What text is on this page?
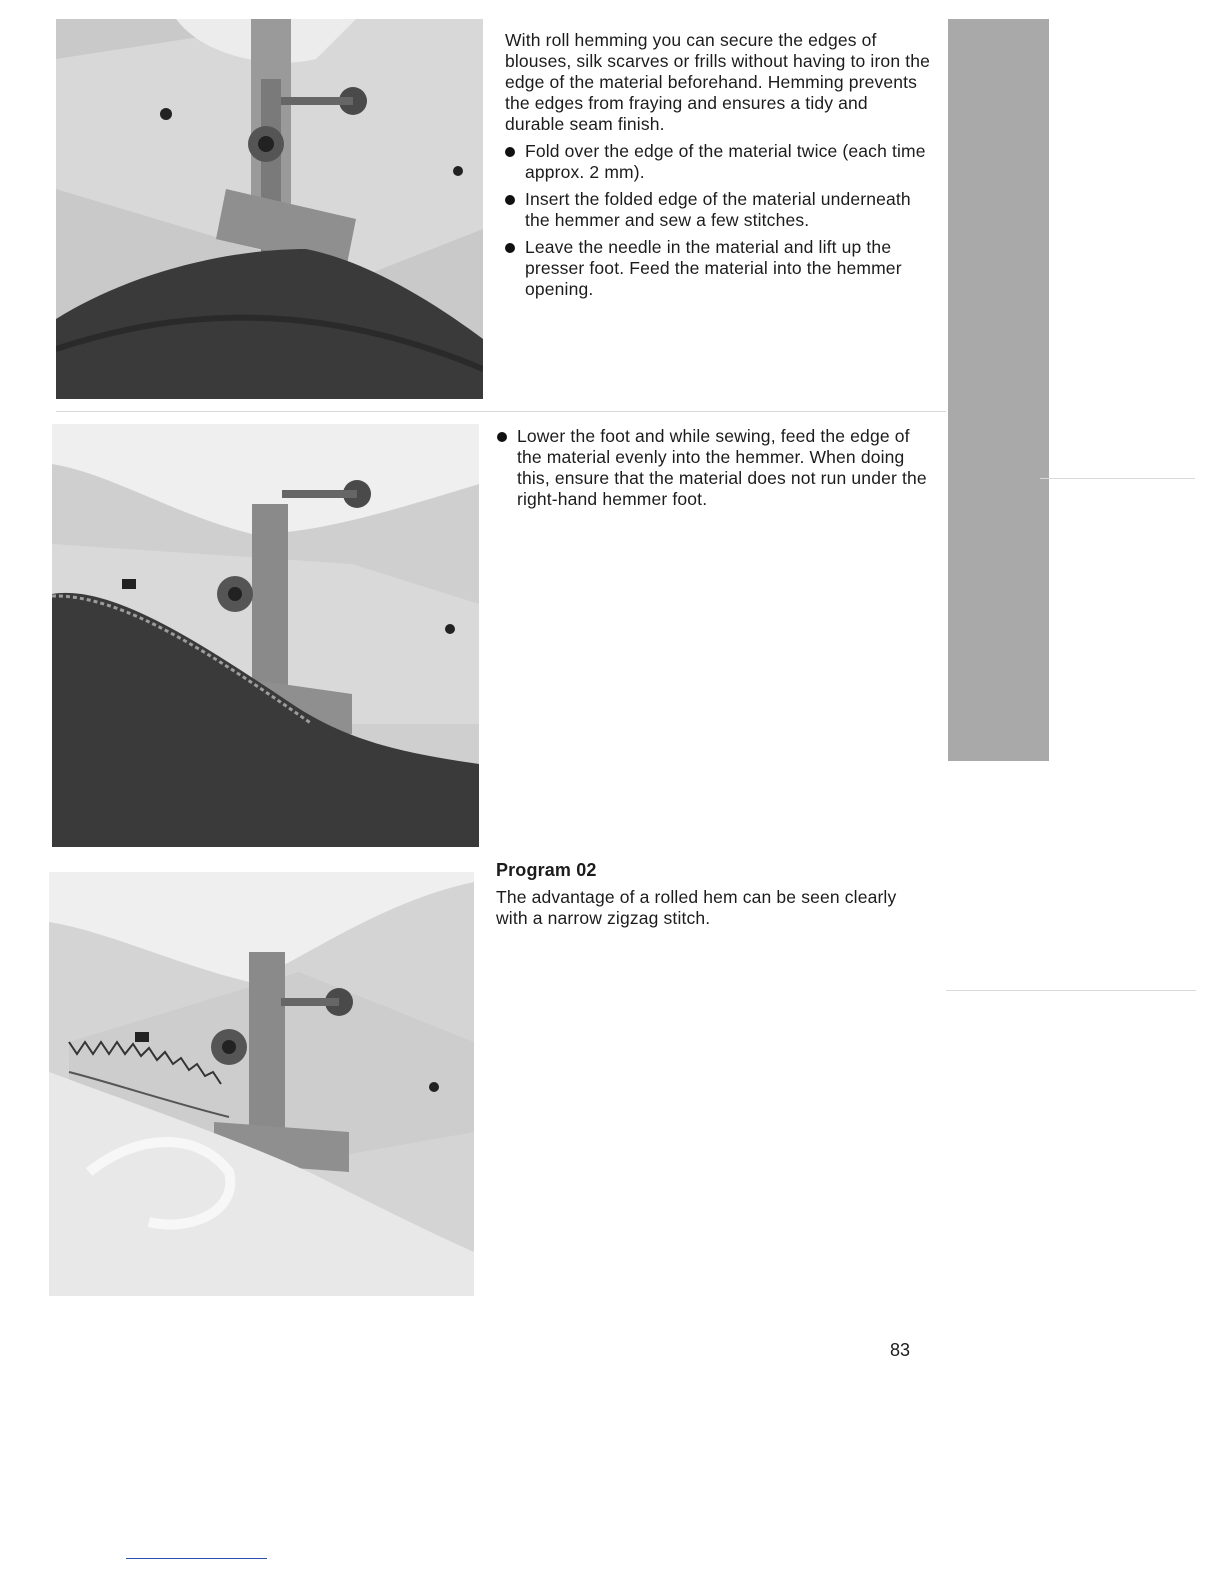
With roll hemming you can secure the edges of blouses, silk scarves or frills without having to iron the edge of the material beforehand. Hemming prevents the edges from fraying and ensures a tidy and durable seam finish.

Fold over the edge of the material twice (each time approx. 2 mm).
Insert the folded edge of the material underneath the hemmer and sew a few stitches.
Leave the needle in the material and lift up the presser foot. Feed the material into the hemmer opening.
Lower the foot and while sewing, feed the edge of the material evenly into the hemmer. When doing this, ensure that the material does not run under the right-hand hemmer foot.
Program 02

The advantage of a rolled hem can be seen clearly with a narrow zigzag stitch.

83
